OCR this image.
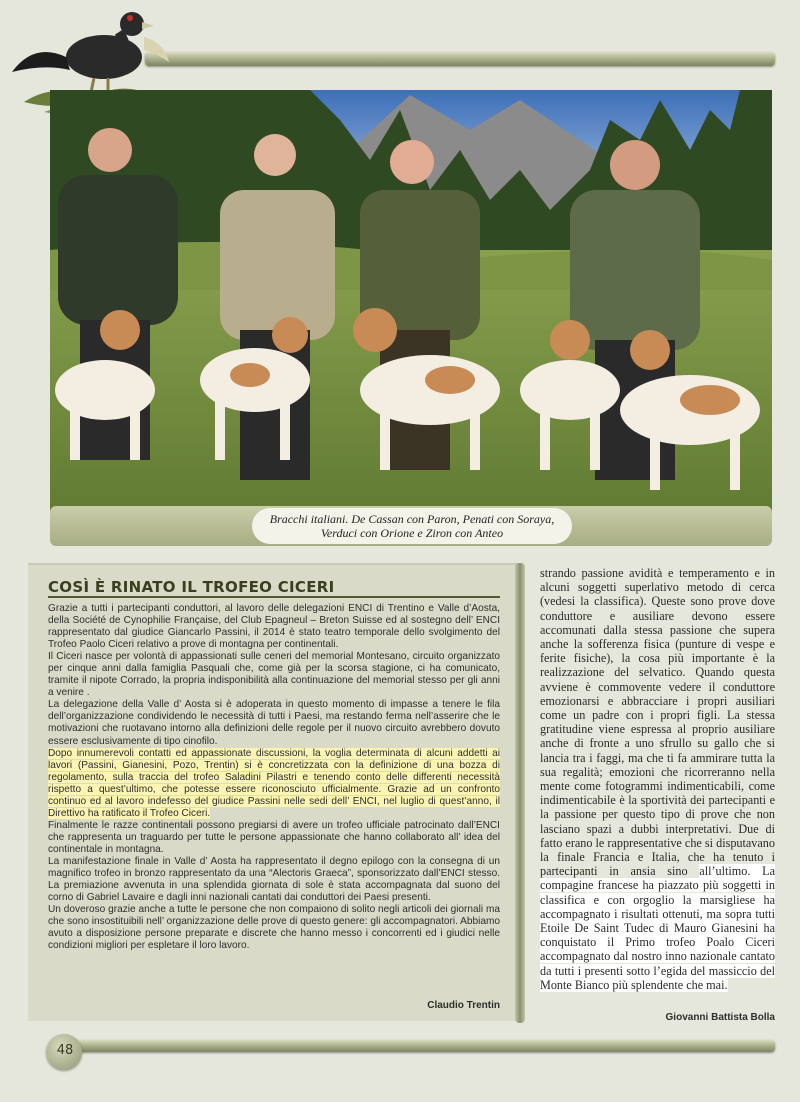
Bracchi italiani. De Cassan con Paron, Penati con Soraya,
Verduci con Orione e Ziron con Anteo
COSÌ È RINATO IL TROFEO CICERI

Grazie a tutti i partecipanti conduttori, al lavoro delle delegazioni ENCI di Trentino e Valle d’Aosta, della Société de Cynophilie Française, del Club Epagneul – Breton Suisse ed al sostegno dell’ ENCI rappresentato dal giudice Giancarlo Passini, il 2014 è stato teatro temporale dello svolgimento del Trofeo Paolo Ciceri relativo a prove di montagna per continentali.

Il Ciceri nasce per volontà di appassionati sulle ceneri del memorial Montesano, circuito organizzato per cinque anni dalla famiglia Pasquali che, come già per la scorsa stagione, ci ha comunicato, tramite il nipote Corrado, la propria indisponibilità alla continuazione del memorial stesso per gli anni a venire .

La delegazione della Valle d’ Aosta si è adoperata in questo momento di impasse a tenere le fila dell’organizzazione condividendo le necessità di tutti i Paesi, ma restando ferma nell’asserire che le motivazioni che ruotavano intorno alla definizioni delle regole per il nuovo circuito avrebbero dovuto essere esclusivamente di tipo cinofilo.

Dopo innumerevoli contatti ed appassionate discussioni, la voglia determinata di alcuni addetti ai lavori (Passini, Gianesini, Pozo, Trentin) si è concretizzata con la definizione di una bozza di regolamento, sulla traccia del trofeo Saladini Pilastri e tenendo conto delle differenti necessità rispetto a quest’ultimo, che potesse essere riconosciuto ufficialmente. Grazie ad un confronto continuo ed al lavoro indefesso del giudice Passini nelle sedi dell’ ENCI, nel luglio di quest’anno, il Direttivo ha ratificato il Trofeo Ciceri.

Finalmente le razze continentali possono pregiarsi di avere un trofeo ufficiale patrocinato dall’ENCI che rappresenta un traguardo per tutte le persone appassionate che hanno collaborato all’ idea del continentale in montagna.

La manifestazione finale in Valle d’ Aosta ha rappresentato il degno epilogo con la consegna di un magnifico trofeo in bronzo rappresentato da una “Alectoris Graeca”, sponsorizzato dall’ENCI stesso. La premiazione avvenuta in una splendida giornata di sole è stata accompagnata dal suono del corno di Gabriel Lavaire e dagli inni nazionali cantati dai conduttori dei Paesi presenti.

Un doveroso grazie anche a tutte le persone che non compaiono di solito negli articoli dei giornali ma che sono insostituibili nell’ organizzazione delle prove di questo genere: gli accompagnatori. Abbiamo avuto a disposizione persone preparate e discrete che hanno messo i concorrenti ed i giudici nelle condizioni migliori per espletare il loro lavoro.

Claudio Trentin
strando passione avidità e temperamento e in alcuni soggetti superlativo metodo di cerca (vedesi la classifica). Queste sono prove dove conduttore e ausiliare devono essere accomunati dalla stessa passione che supera anche la sofferenza fisica (punture di vespe e ferite fisiche), la cosa più importante è la realizzazione del selvatico. Quando questa avviene è commovente vedere il conduttore emozionarsi e abbracciare i propri ausiliari come un padre con i propri figli. La stessa gratitudine viene espressa al proprio ausiliare anche di fronte a uno sfrullo su gallo che si lancia tra i faggi, ma che ti fa ammirare tutta la sua regalità; emozioni che ricorreranno nella mente come fotogrammi indimenticabili, come indimenticabile è la sportività dei partecipanti e la passione per questo tipo di prove che non lasciano spazi a dubbi interpretativi. Due di fatto erano le rappresentative che si disputavano la finale Francia e Italia, che ha tenuto i partecipanti in ansia sino all’ultimo. La compagine francese ha piazzato più soggetti in classifica e con orgoglio la marsigliese ha accompagnato i risultati ottenuti, ma sopra tutti Etoile De Saint Tudec di Mauro Gianesini ha conquistato il Primo trofeo Poalo Ciceri accompagnato dal nostro inno nazionale cantato da tutti i presenti sotto l’egida del massiccio del Monte Bianco più splendente che mai.
Giovanni Battista Bolla
48
